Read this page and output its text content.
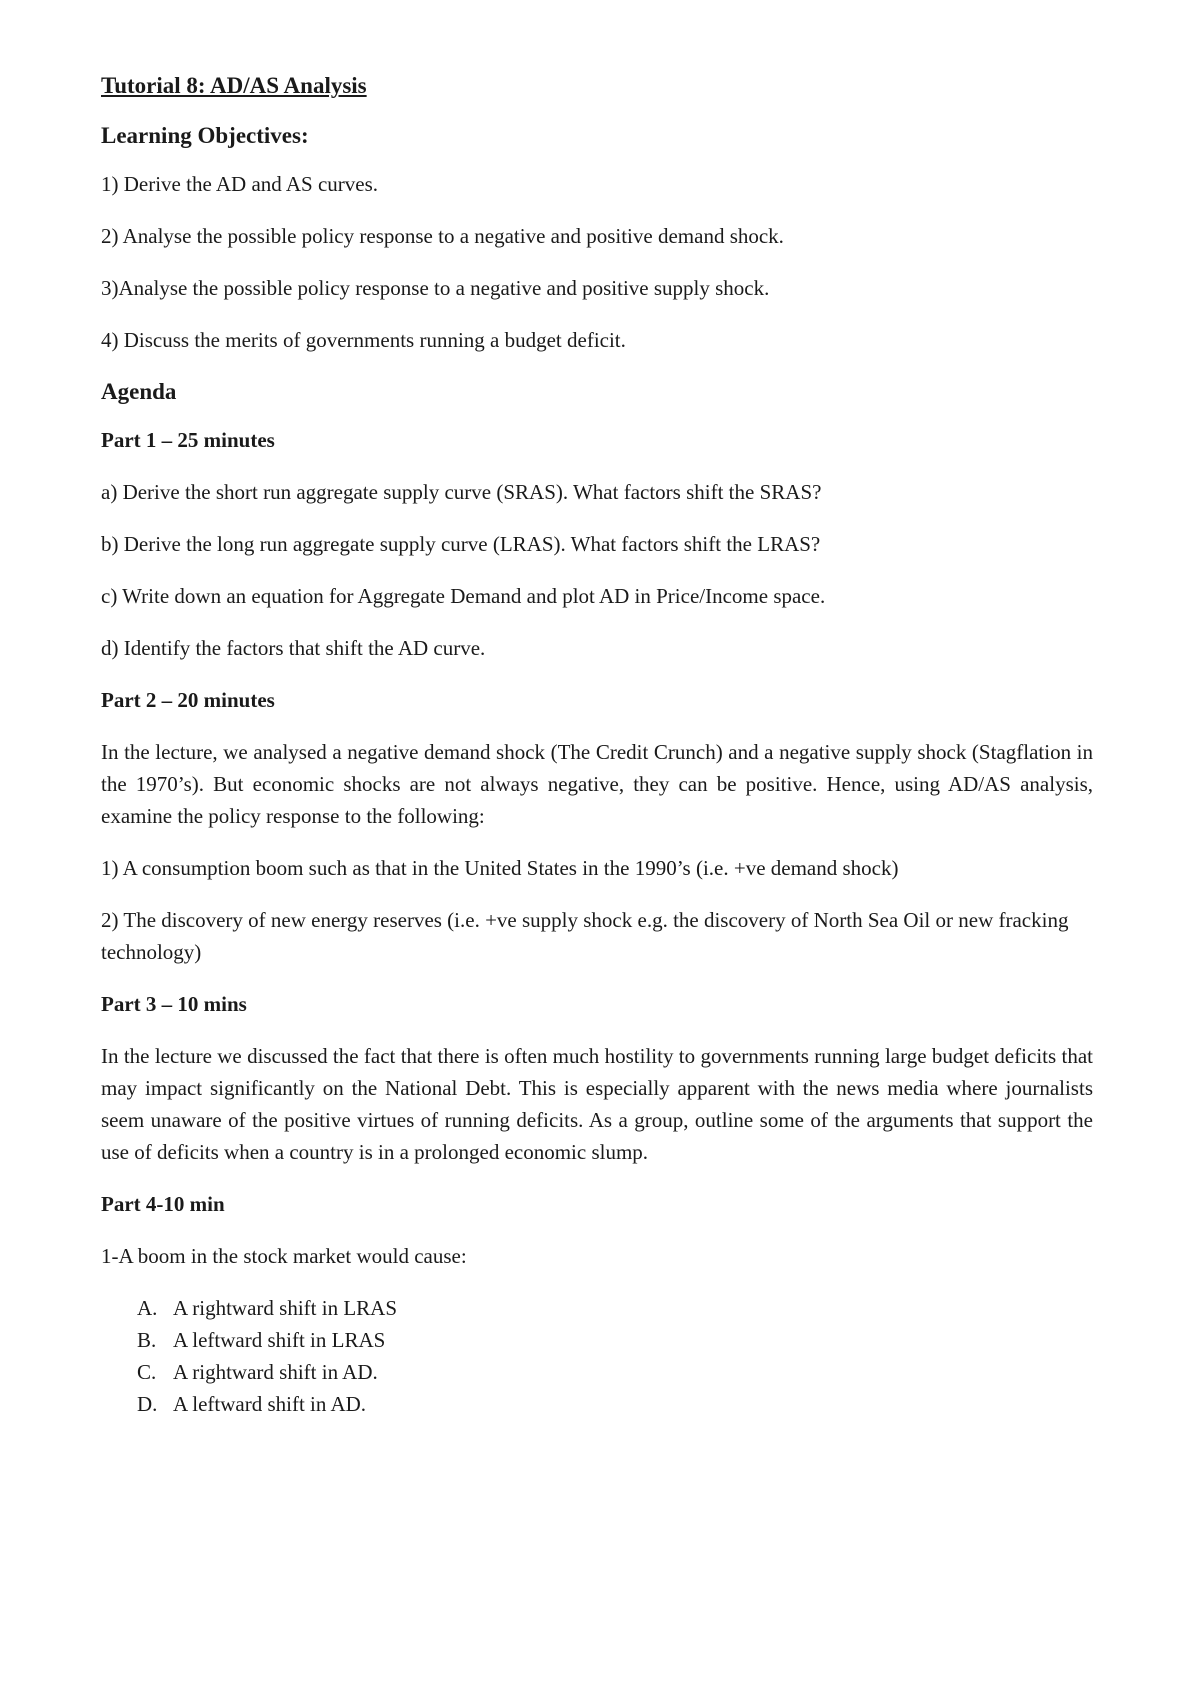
Tutorial 8: AD/AS Analysis
Learning Objectives:
1) Derive the AD and AS curves.
2) Analyse the possible policy response to a negative and positive demand shock.
3)Analyse the possible policy response to a negative and positive supply shock.
4) Discuss the merits of governments running a budget deficit.
Agenda
Part 1 – 25 minutes
a) Derive the short run aggregate supply curve (SRAS). What factors shift the SRAS?
b) Derive the long run aggregate supply curve (LRAS). What factors shift the LRAS?
c) Write down an equation for Aggregate Demand and plot AD in Price/Income space.
d) Identify the factors that shift the AD curve.
Part 2 – 20 minutes
In the lecture, we analysed a negative demand shock (The Credit Crunch) and a negative supply shock (Stagflation in the 1970’s). But economic shocks are not always negative, they can be positive. Hence, using AD/AS analysis, examine the policy response to the following:
1) A consumption boom such as that in the United States in the 1990’s (i.e. +ve demand shock)
2) The discovery of new energy reserves (i.e. +ve supply shock e.g. the discovery of North Sea Oil or new fracking technology)
Part 3 – 10 mins
In the lecture we discussed the fact that there is often much hostility to governments running large budget deficits that may impact significantly on the National Debt. This is especially apparent with the news media where journalists seem unaware of the positive virtues of running deficits. As a group, outline some of the arguments that support the use of deficits when a country is in a prolonged economic slump.
Part 4-10 min
1-A boom in the stock market would cause:
A. A rightward shift in LRAS
B. A leftward shift in LRAS
C. A rightward shift in AD.
D. A leftward shift in AD.
